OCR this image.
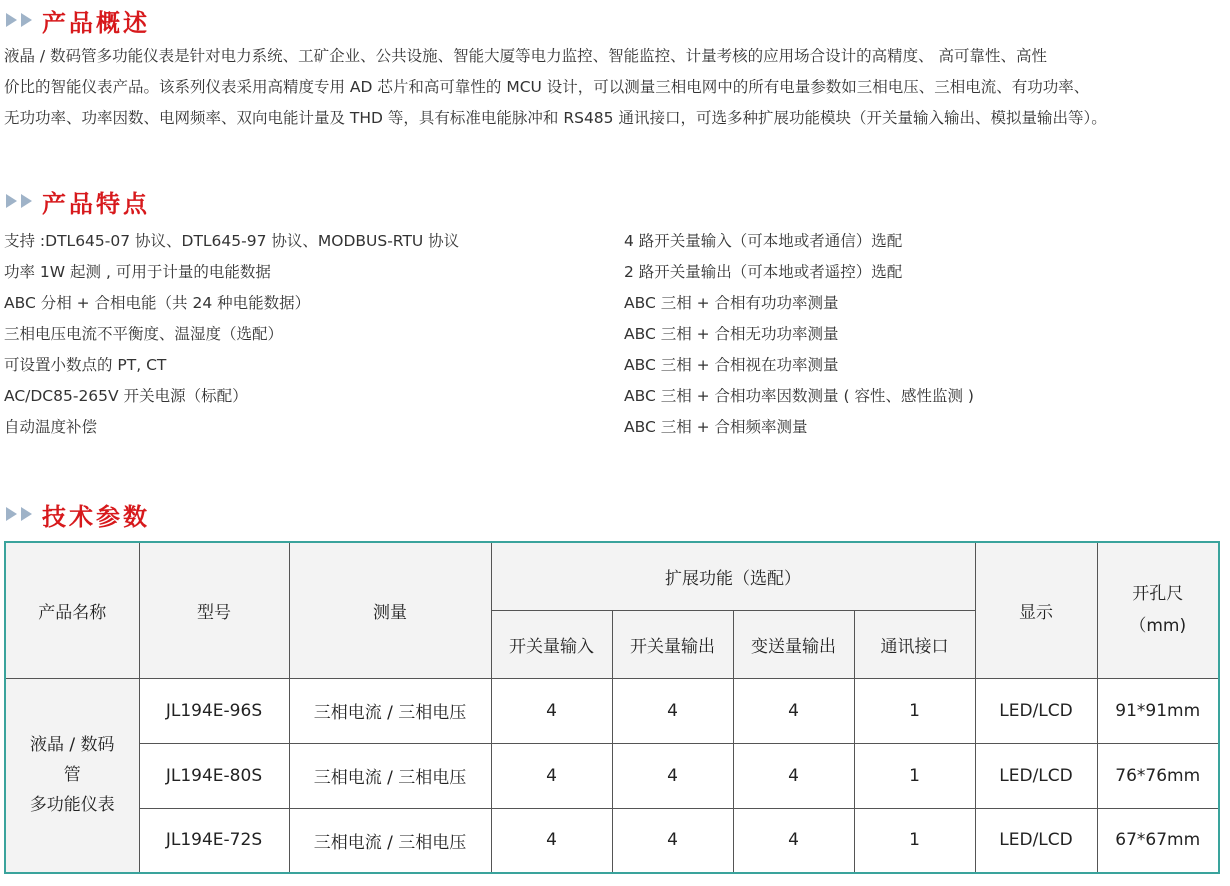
产品概述
液晶 / 数码管多功能仪表是针对电力系统、工矿企业、公共设施、智能大厦等电力监控、智能监控、计量考核的应用场合设计的高精度、 高可靠性、高性
价比的智能仪表产品。该系列仪表采用高精度专用 AD 芯片和高可靠性的 MCU 设计，可以测量三相电网中的所有电量参数如三相电压、三相电流、有功功率、
无功功率、功率因数、电网频率、双向电能计量及 THD 等，具有标准电能脉冲和 RS485 通讯接口，可选多种扩展功能模块（开关量输入输出、模拟量输出等）。
产品特点
支持 :DTL645-07 协议、DTL645-97 协议、MODBUS-RTU 协议
功率 1W 起测 , 可用于计量的电能数据
ABC 分相 + 合相电能（共 24 种电能数据）
三相电压电流不平衡度、温湿度（选配）
可设置小数点的 PT, CT
AC/DC85-265V 开关电源（标配）
自动温度补偿
4 路开关量输入（可本地或者通信）选配
2 路开关量输出（可本地或者遥控）选配
ABC 三相 + 合相有功功率测量
ABC 三相 + 合相无功功率测量
ABC 三相 + 合相视在功率测量
ABC 三相 + 合相功率因数测量 ( 容性、感性监测 )
ABC 三相 + 合相频率测量
技术参数
产品名称	型号	测量	扩展功能（选配）				显示	开孔尺
（mm)

			开关量输入	开关量输出	变送量输出	通讯接口		

液晶 / 数码
管
多功能仪表	JL194E-96S	三相电流 / 三相电压	4	4	4	1	LED/LCD	91*91mm
	JL194E-80S	三相电流 / 三相电压	4	4	4	1	LED/LCD	76*76mm
	JL194E-72S	三相电流 / 三相电压	4	4	4	1	LED/LCD	67*67mm
